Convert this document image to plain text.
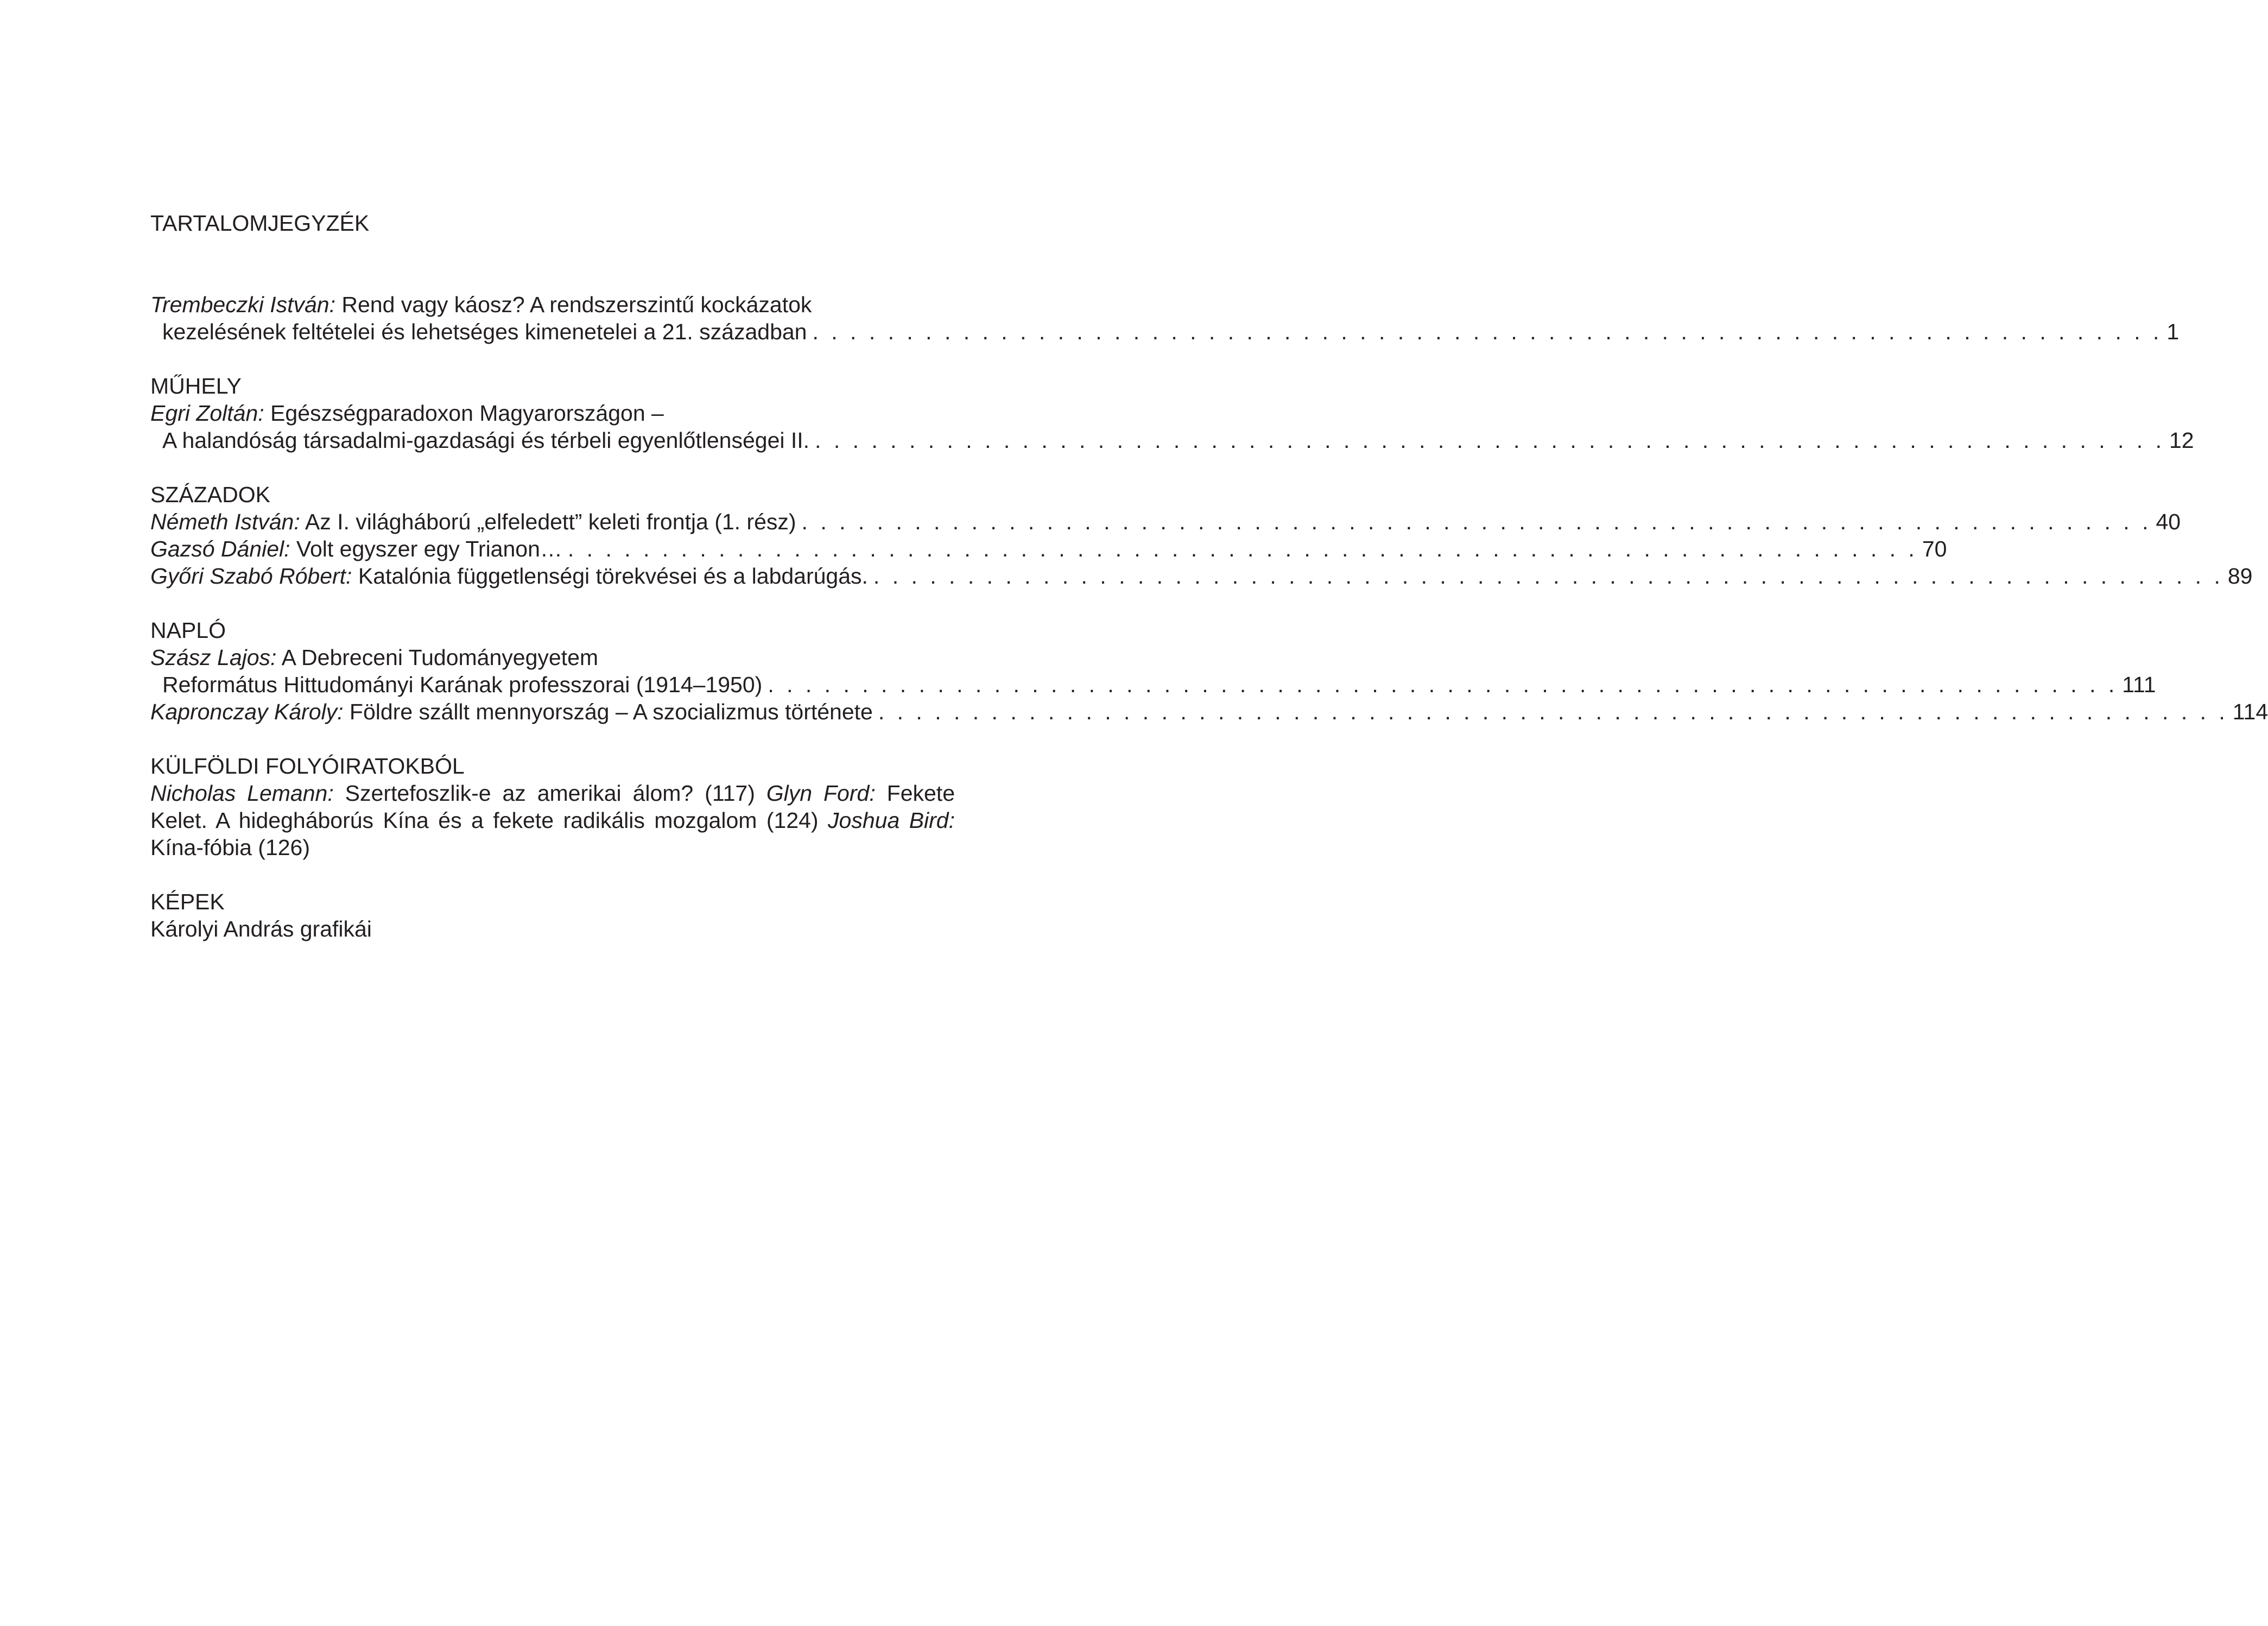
TARTALOMJEGYZÉK
Trembeczki István: Rend vagy káosz? A rendszerszintű kockázatok
kezelésének feltételei és lehetséges kimenetelei a 21. században . . . . . . . . . . . . . . . . . . . . . . . . . . . . . . . . . . . . . . . . . . . . . . . . . . . . . . . . . . . . . . . . . . . . . . . . 1
MŰHELY
Egri Zoltán: Egészségparadoxon Magyarországon –
A halandóság társadalmi-gazdasági és térbeli egyenlőtlenségei II. . . . . . . . . . . . . . . . . . . . . . . . . . . . . . . . . . . . . . . . . . . . . . . . . . . . . . . . . . . . . . . . . . . . . . . . . 12
SZÁZADOK
Németh István: Az I. világháború „elfeledett” keleti frontja (1. rész) . . . . . . . . . . . . . . . . . . . . . . . . . . . . . . . . . . . . . . . . . . . . . . . . . . . . . . . . . . . . . . . . . . . . . . . . 40
Gazsó Dániel: Volt egyszer egy Trianon… . . . . . . . . . . . . . . . . . . . . . . . . . . . . . . . . . . . . . . . . . . . . . . . . . . . . . . . . . . . . . . . . . . . . . . . . 70
Győri Szabó Róbert: Katalónia függetlenségi törekvései és a labdarúgás. . . . . . . . . . . . . . . . . . . . . . . . . . . . . . . . . . . . . . . . . . . . . . . . . . . . . . . . . . . . . . . . . . . . . . . . . 89
NAPLÓ
Szász Lajos: A Debreceni Tudományegyetem
Református Hittudományi Karának professzorai (1914–1950) . . . . . . . . . . . . . . . . . . . . . . . . . . . . . . . . . . . . . . . . . . . . . . . . . . . . . . . . . . . . . . . . . . . . . . . . 111
Kapronczay Károly: Földre szállt mennyország – A szocializmus története . . . . . . . . . . . . . . . . . . . . . . . . . . . . . . . . . . . . . . . . . . . . . . . . . . . . . . . . . . . . . . . . . . . . . . . . 114
KÜLFÖLDI FOLYÓIRATOKBÓL
Nicholas Lemann: Szertefoszlik-e az amerikai álom? (117) Glyn Ford: Fekete Kelet. A hidegháborús Kína és a fekete radikális mozgalom (124) Joshua Bird: Kína-fóbia (126)
KÉPEK
Károlyi András grafikái
